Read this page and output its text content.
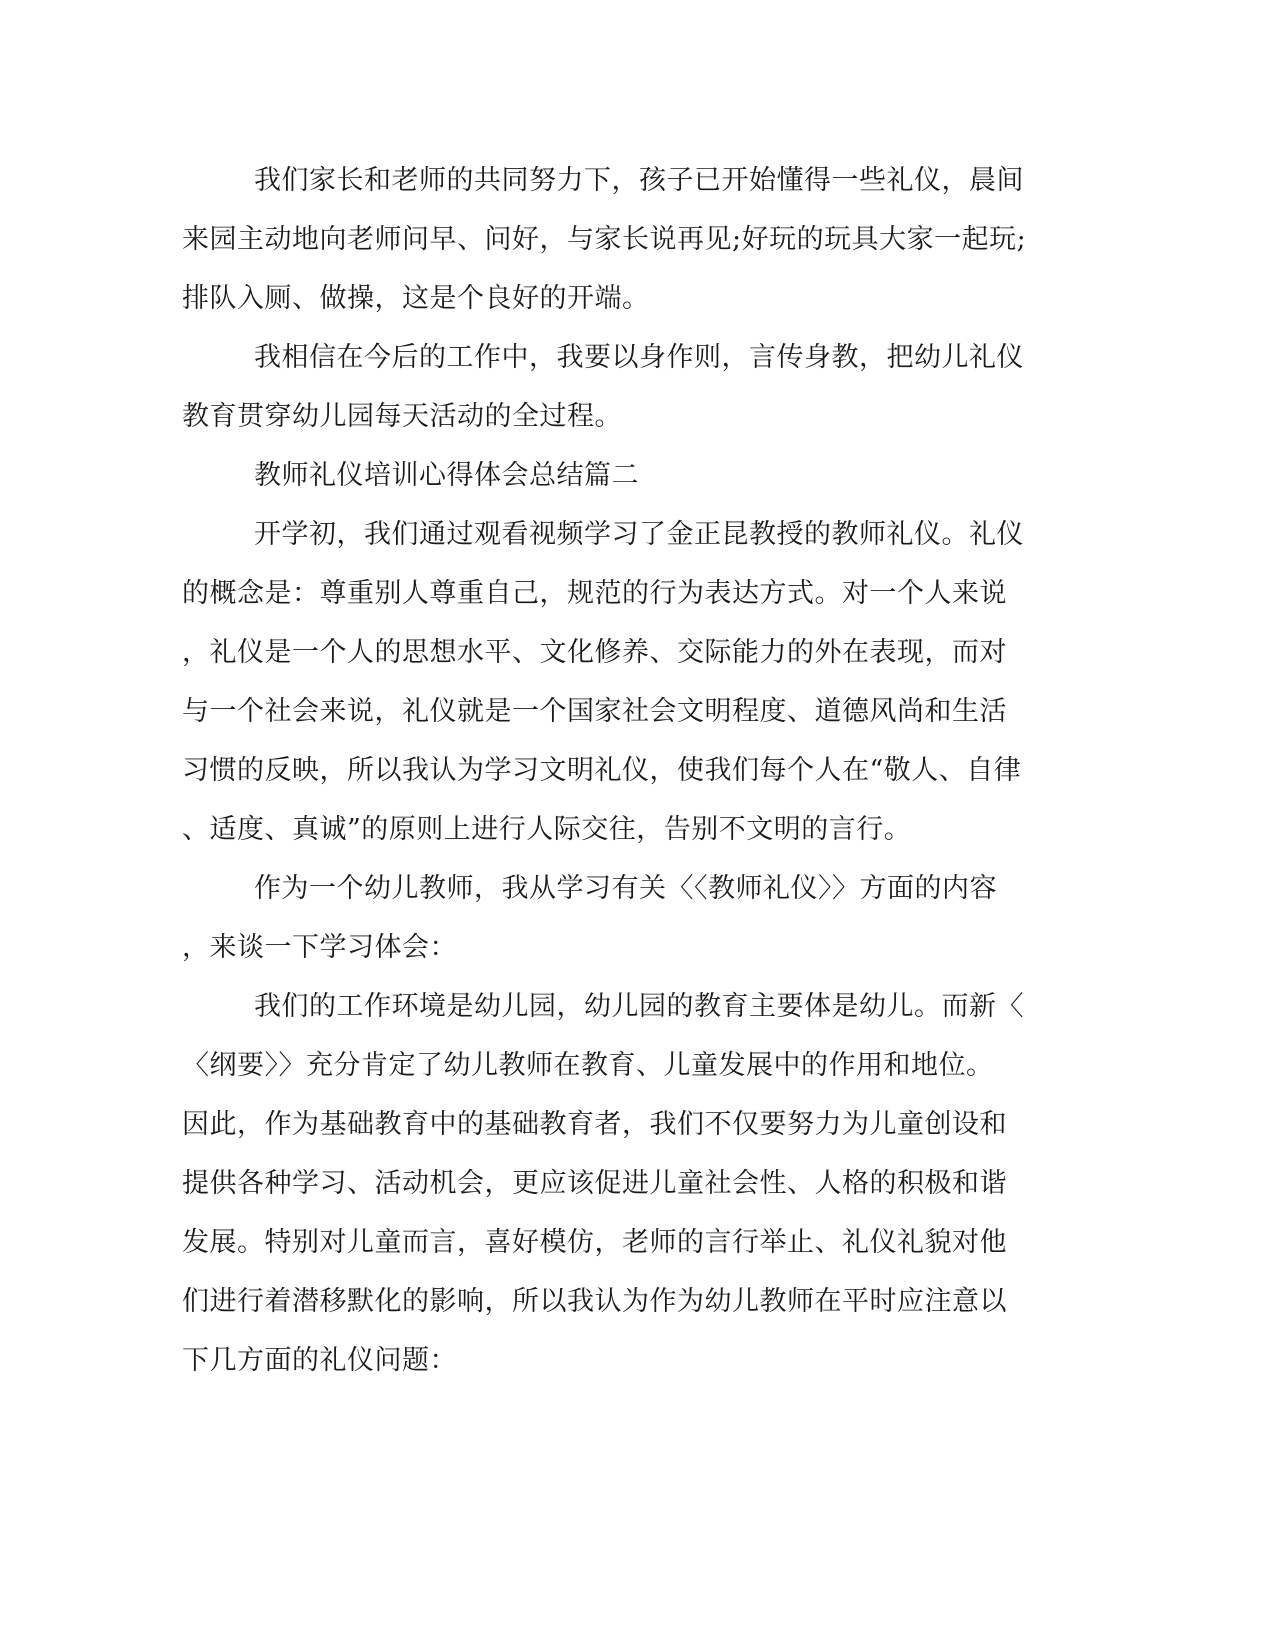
我们家长和老师的共同努力下，孩子已开始懂得一些礼仪，晨间
来园主动地向老师问早、问好，与家长说再见;好玩的玩具大家一起玩;
排队入厕、做操，这是个良好的开端。
我相信在今后的工作中，我要以身作则，言传身教，把幼儿礼仪
教育贯穿幼儿园每天活动的全过程。
教师礼仪培训心得体会总结篇二
开学初，我们通过观看视频学习了金正昆教授的教师礼仪。礼仪
的概念是：尊重别人尊重自己，规范的行为表达方式。对一个人来说
，礼仪是一个人的思想水平、文化修养、交际能力的外在表现，而对
与一个社会来说，礼仪就是一个国家社会文明程度、道德风尚和生活
习惯的反映，所以我认为学习文明礼仪，使我们每个人在“敬人、自律
、适度、真诚”的原则上进行人际交往，告别不文明的言行。
作为一个幼儿教师，我从学习有关〈〈教师礼仪〉〉方面的内容
，来谈一下学习体会：
我们的工作环境是幼儿园，幼儿园的教育主要体是幼儿。而新〈
〈纲要〉〉充分肯定了幼儿教师在教育、儿童发展中的作用和地位。
因此，作为基础教育中的基础教育者，我们不仅要努力为儿童创设和
提供各种学习、活动机会，更应该促进儿童社会性、人格的积极和谐
发展。特别对儿童而言，喜好模仿，老师的言行举止、礼仪礼貌对他
们进行着潜移默化的影响，所以我认为作为幼儿教师在平时应注意以
下几方面的礼仪问题：
